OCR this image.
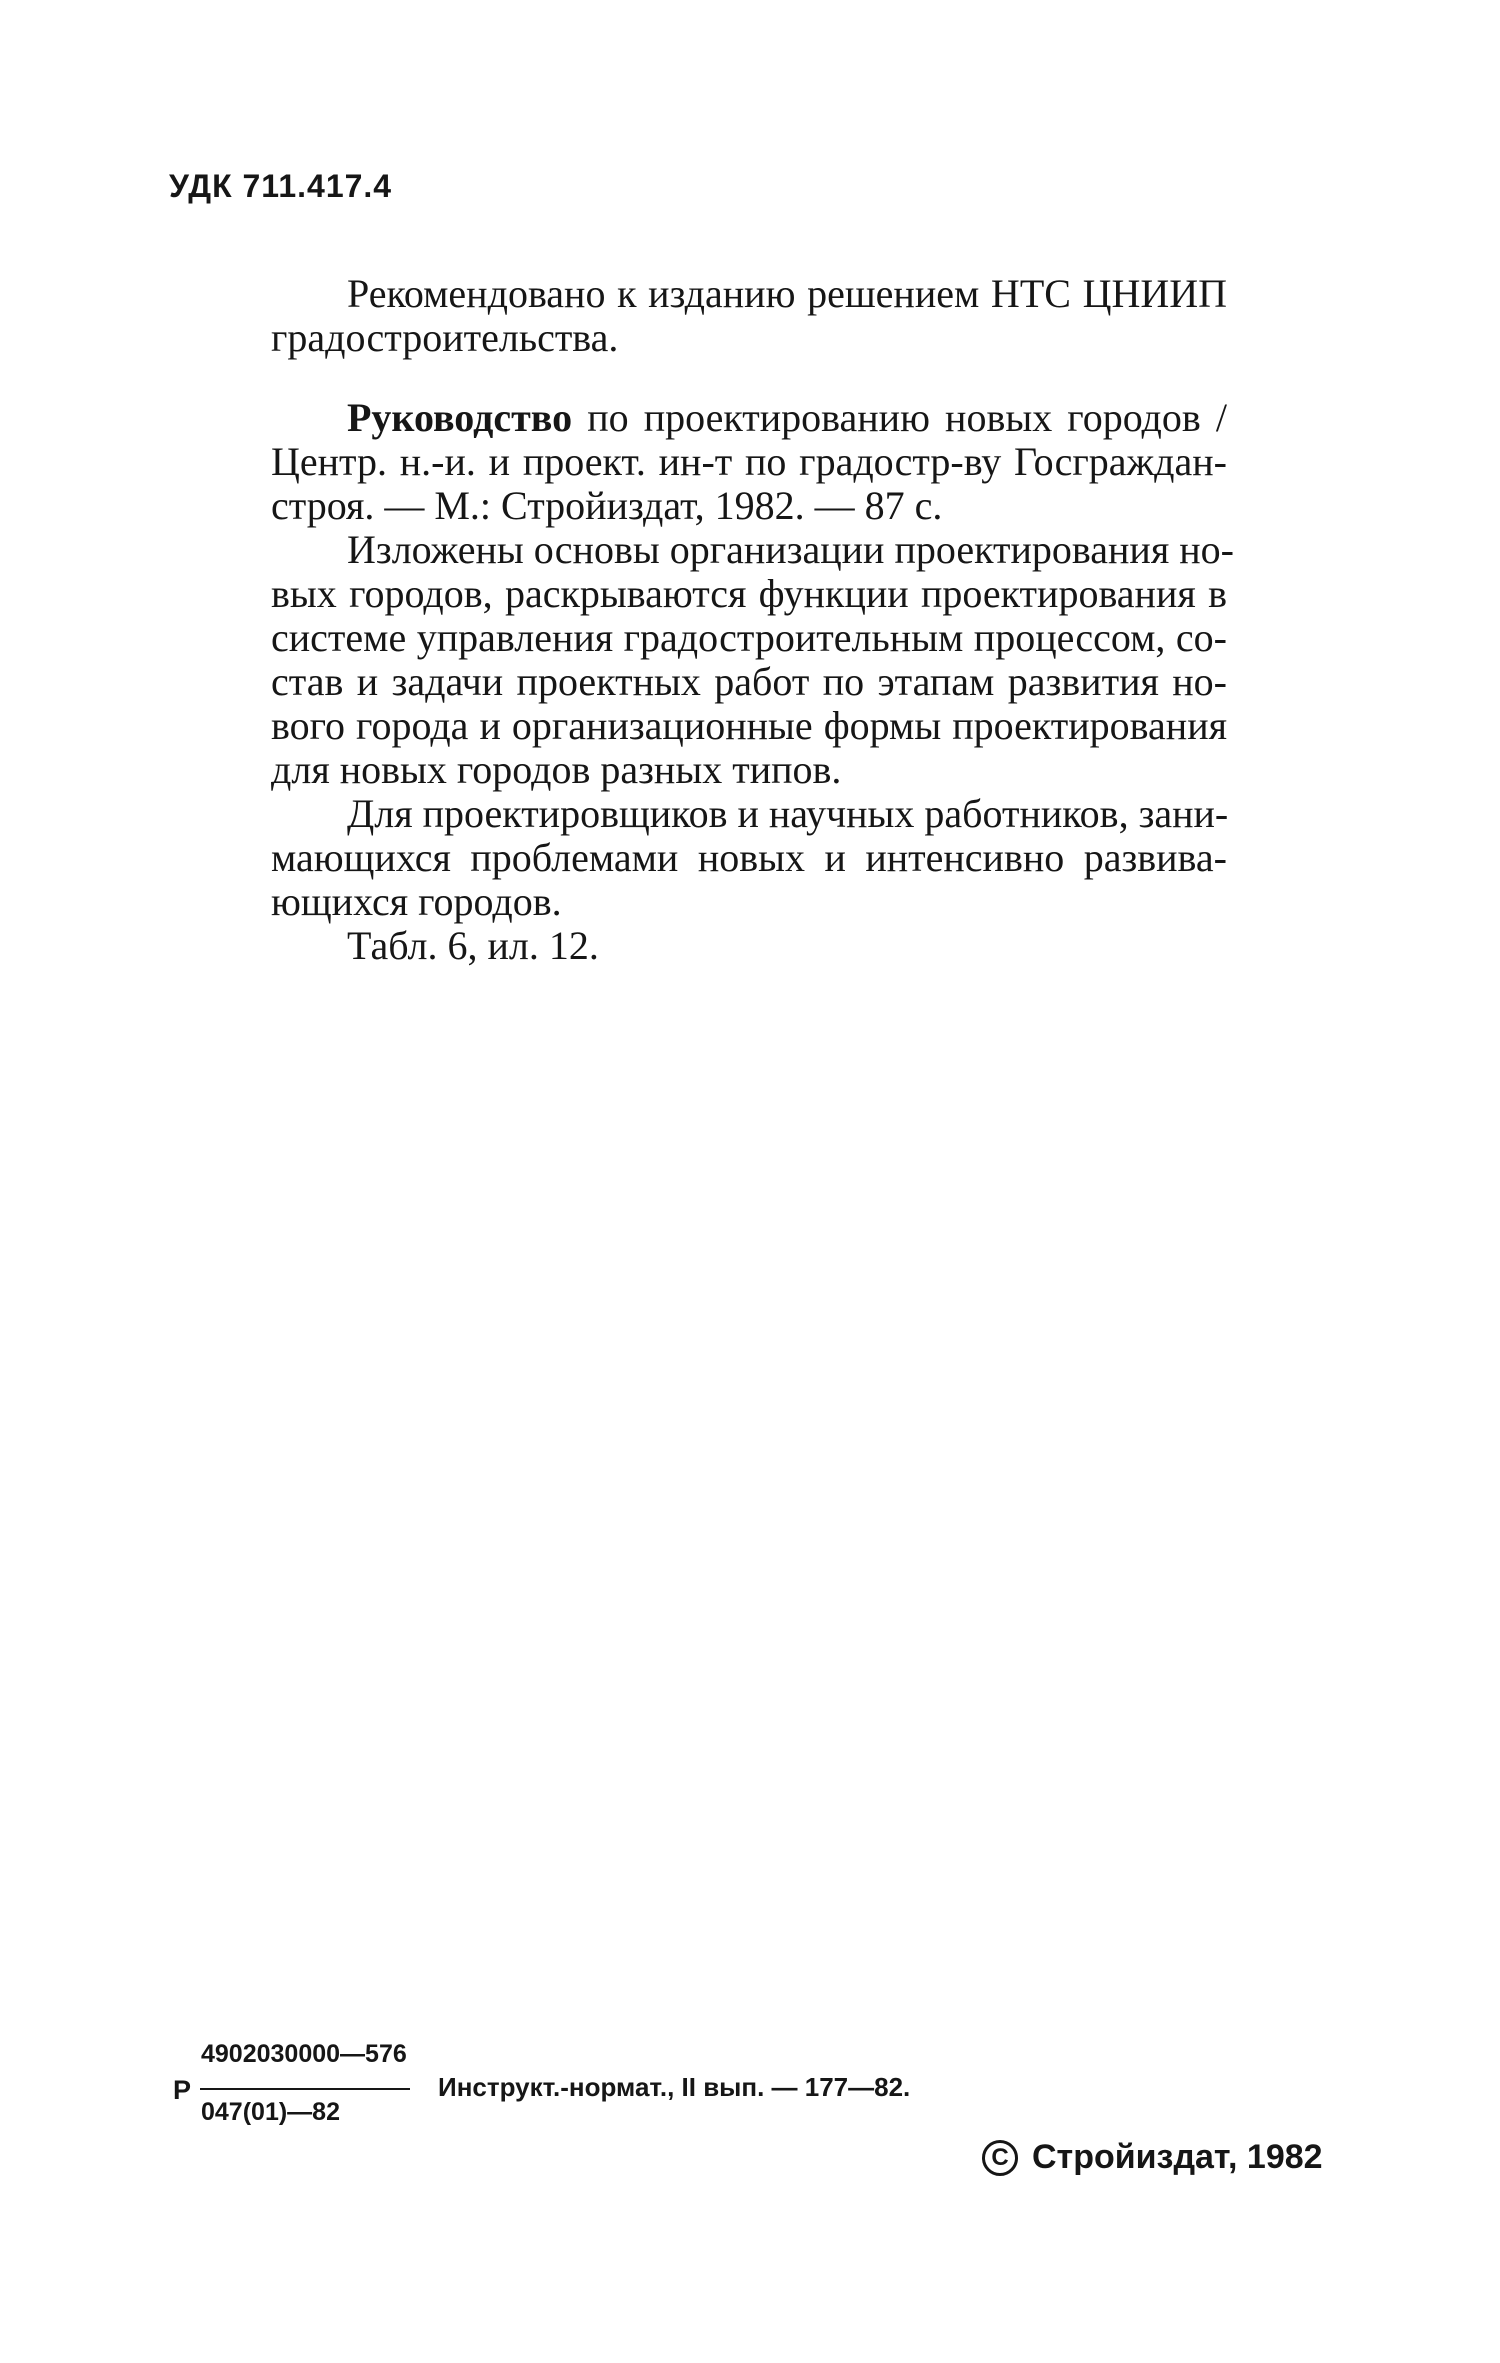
УДК 711.417.4
Рекомендовано к изданию решением НТС ЦНИИП
градостроительства.
Руководство по проектированию новых городов /
Центр. н.-и. и проект. ин-т по градостр-ву Госграждан-
строя. — М.: Стройиздат, 1982. — 87 с.
Изложены основы организации проектирования но-
вых городов, раскрываются функции проектирования в
системе управления градостроительным процессом, со-
став и задачи проектных работ по этапам развития но-
вого города и организационные формы проектирования
для новых городов разных типов.
Для проектировщиков и научных работников, зани-
мающихся проблемами новых и интенсивно развива-
ющихся городов.
Табл. 6, ил. 12.
4902030000—576
Р	Инструкт.-нормат., II вып. — 177—82.
047(01)—82
C Стройиздат, 1982
